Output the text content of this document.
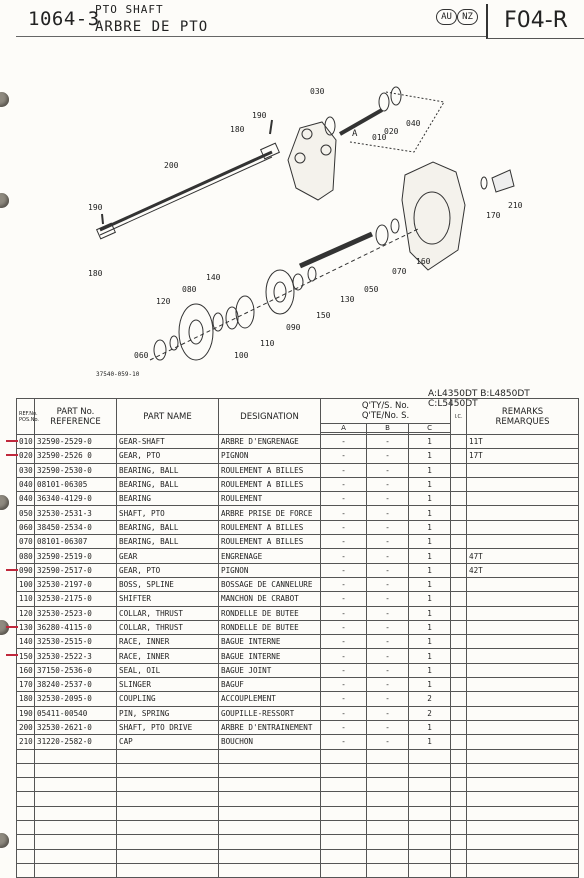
1064-3
PTO SHAFT
ARBRE DE PTO
AU	NZ	F04-R
030
010
020
040
050
060
070
080
090
100
110
120	130
140
150
160
170
180
190
190
200
210
180
A
37540-059-10
A:L4350DT B:L4850DT C:L5450DT
REF.No.
POS.No.	PART No.
REFERENCE	PART NAME	DESIGNATION	Q'TY/S. No.
Q'TE/No. S.			I.C.	REMARKS
REMARQUES
				A	B	C		

010	32590-2529-0	GEAR-SHAFT	ARBRE D'ENGRENAGE	-	-	1		11T
020	32590-2526 0	GEAR, PTO	PIGNON	-	-	1		17T
030	32590-2530-0	BEARING, BALL	ROULEMENT A BILLES	-	-	1		
040	08101-06305	BEARING, BALL	ROULEMENT A BILLES	-	-	1		
040	36340-4129-0	BEARING	ROULEMENT	-	-	1		
050	32530-2531-3	SHAFT, PTO	ARBRE PRISE DE FORCE	-	-	1		
060	38450-2534-0	BEARING, BALL	ROULEMENT A BILLES	-	-	1		
070	08101-06307	BEARING, BALL	ROULEMENT A BILLES	-	-	1		
080	32590-2519-0	GEAR	ENGRENAGE	-	-	1		47T
090	32590-2517-0	GEAR, PTO	PIGNON	-	-	1		42T
100	32530-2197-0	BOSS, SPLINE	BOSSAGE DE CANNELURE	-	-	1		
110	32530-2175-0	SHIFTER	MANCHON DE CRABOT	-	-	1		
120	32530-2523-0	COLLAR, THRUST	RONDELLE DE BUTEE	-	-	1		
130	36280-4115-0	COLLAR, THRUST	RONDELLE DE BUTEE	-	-	1		
140	32530-2515-0	RACE, INNER	BAGUE INTERNE	-	-	1		
150	32530-2522-3	RACE, INNER	BAGUE INTERNE	-	-	1		
160	37150-2536-0	SEAL, OIL	BAGUE JOINT	-	-	1		
170	38240-2537-0	SLINGER	BAGUF	-	-	1		
180	32530-2095-0	COUPLING	ACCOUPLEMENT	-	-	2		
190	05411-00540	PIN, SPRING	GOUPILLE-RESSORT	-	-	2		
200	32530-2621-0	SHAFT, PTO DRIVE	ARBRE D'ENTRAINEMENT	-	-	1		
210	31220-2582-0	CAP	BOUCHON	-	-	1		
